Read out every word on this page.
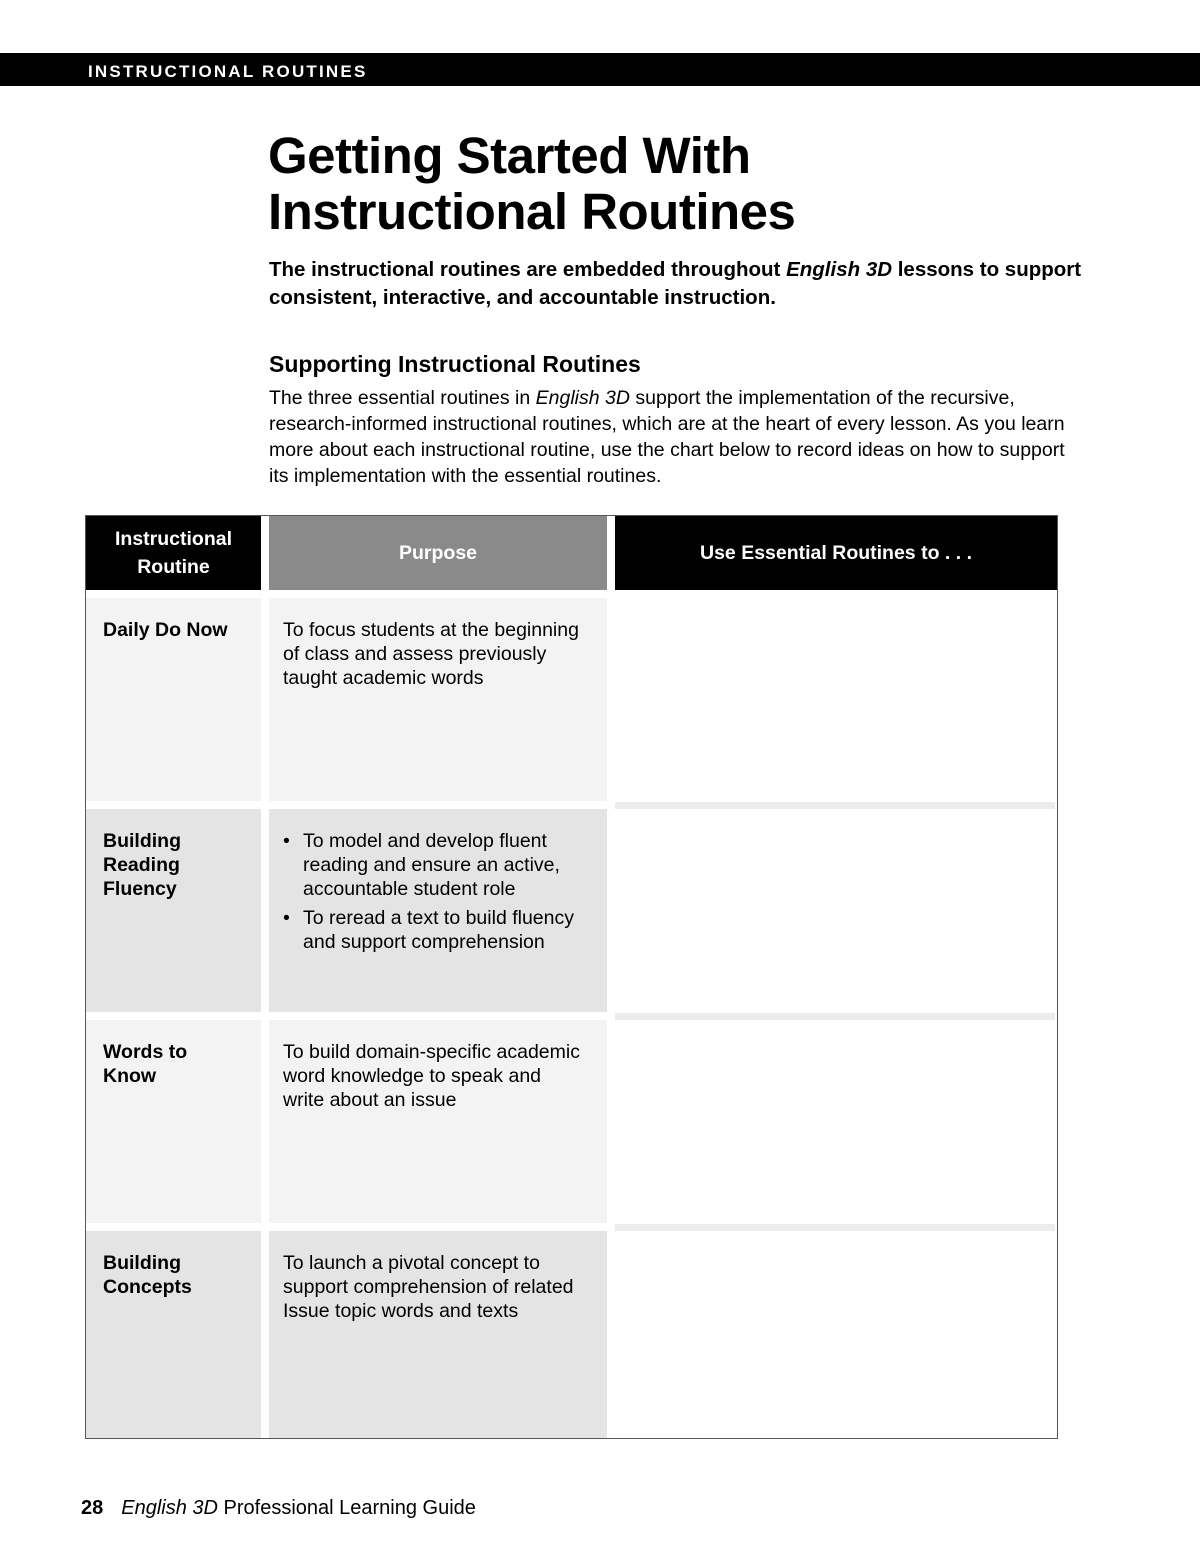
INSTRUCTIONAL ROUTINES
Getting Started With
Instructional Routines

The instructional routines are embedded throughout English 3D lessons to support consistent, interactive, and accountable instruction.

Supporting Instructional Routines

The three essential routines in English 3D support the implementation of the recursive, research-informed instructional routines, which are at the heart of every lesson. As you learn more about each instructional routine, use the chart below to record ideas on how to support its implementation with the essential routines.

Instructional
Routine
Purpose	Use Essential Routines to . . .
Daily Do Now	To focus students at the beginning
of class and assess previously
taught academic words
Building
Reading
Fluency
• To model and develop fluent
reading and ensure an active,
accountable student role
• To reread a text to build fluency
and support comprehension
Words to
Know
To build domain-specific academic
word knowledge to speak and
write about an issue
Building
Concepts
To launch a pivotal concept to
support comprehension of related
Issue topic words and texts
28 English 3D Professional Learning Guide
